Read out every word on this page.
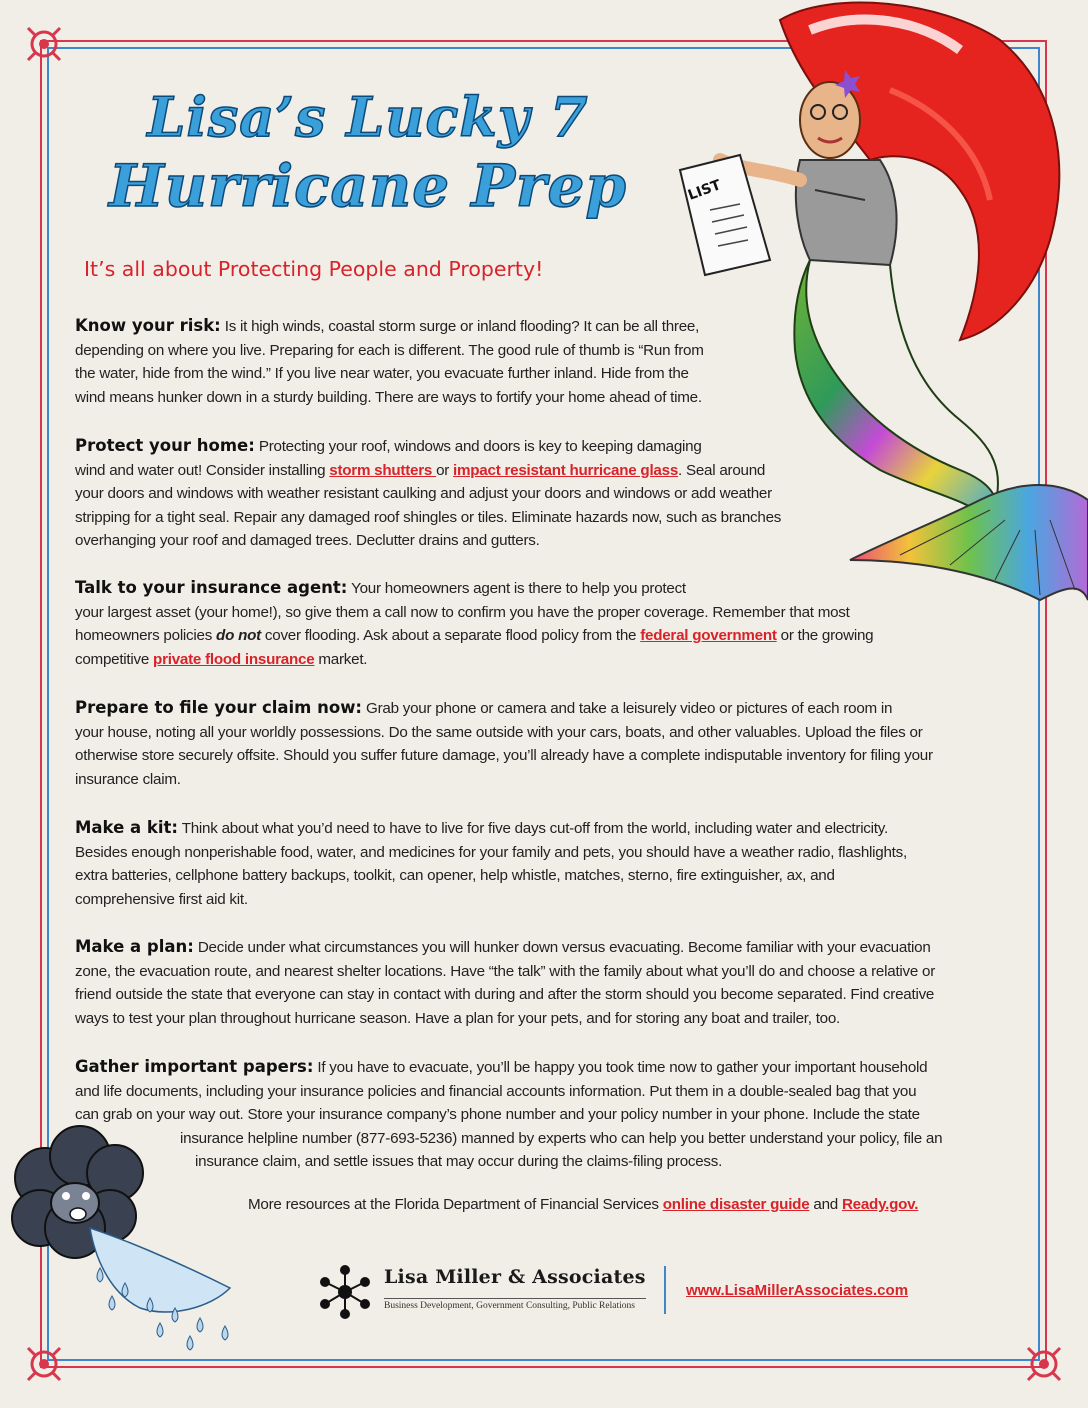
Lisa’s Lucky 7
Hurricane Prep
It’s all about Protecting People and Property!
LIST

Know your risk: Is it high winds, coastal storm surge or inland flooding? It can be all three,

depending on where you live. Preparing for each is different. The good rule of thumb is “Run from

the water, hide from the wind.” If you live near water, you evacuate further inland. Hide from the

wind means hunker down in a sturdy building. There are ways to fortify your home ahead of time.

Protect your home: Protecting your roof, windows and doors is key to keeping damaging

wind and water out! Consider installing storm shutters or impact resistant hurricane glass. Seal around

your doors and windows with weather resistant caulking and adjust your doors and windows or add weather

stripping for a tight seal. Repair any damaged roof shingles or tiles. Eliminate hazards now, such as branches

overhanging your roof and damaged trees. Declutter drains and gutters.

Talk to your insurance agent: Your homeowners agent is there to help you protect

your largest asset (your home!), so give them a call now to confirm you have the proper coverage. Remember that most

homeowners policies do not cover flooding. Ask about a separate flood policy from the federal government or the growing

competitive private flood insurance market.

Prepare to file your claim now: Grab your phone or camera and take a leisurely video or pictures of each room in

your house, noting all your worldly possessions. Do the same outside with your cars, boats, and other valuables. Upload the files or

otherwise store securely offsite. Should you suffer future damage, you’ll already have a complete indisputable inventory for filing your

insurance claim.

Make a kit: Think about what you’d need to have to live for five days cut-off from the world, including water and electricity.

Besides enough nonperishable food, water, and medicines for your family and pets, you should have a weather radio, flashlights,

extra batteries, cellphone battery backups, toolkit, can opener, help whistle, matches, sterno, fire extinguisher, ax, and

comprehensive first aid kit.

Make a plan: Decide under what circumstances you will hunker down versus evacuating. Become familiar with your evacuation

zone, the evacuation route, and nearest shelter locations. Have “the talk” with the family about what you’ll do and choose a relative or

friend outside the state that everyone can stay in contact with during and after the storm should you become separated. Find creative

ways to test your plan throughout hurricane season. Have a plan for your pets, and for storing any boat and trailer, too.

Gather important papers: If you have to evacuate, you’ll be happy you took time now to gather your important household

and life documents, including your insurance policies and financial accounts information. Put them in a double-sealed bag that you

can grab on your way out. Store your insurance company’s phone number and your policy number in your phone. Include the state

insurance helpline number (877-693-5236) manned by experts who can help you better understand your policy, file an

insurance claim, and settle issues that may occur during the claims-filing process.

More resources at the Florida Department of Financial Services online disaster guide and Ready.gov.
Lisa Miller & Associates
Business Development, Government Consulting, Public Relations
www.LisaMillerAssociates.com
